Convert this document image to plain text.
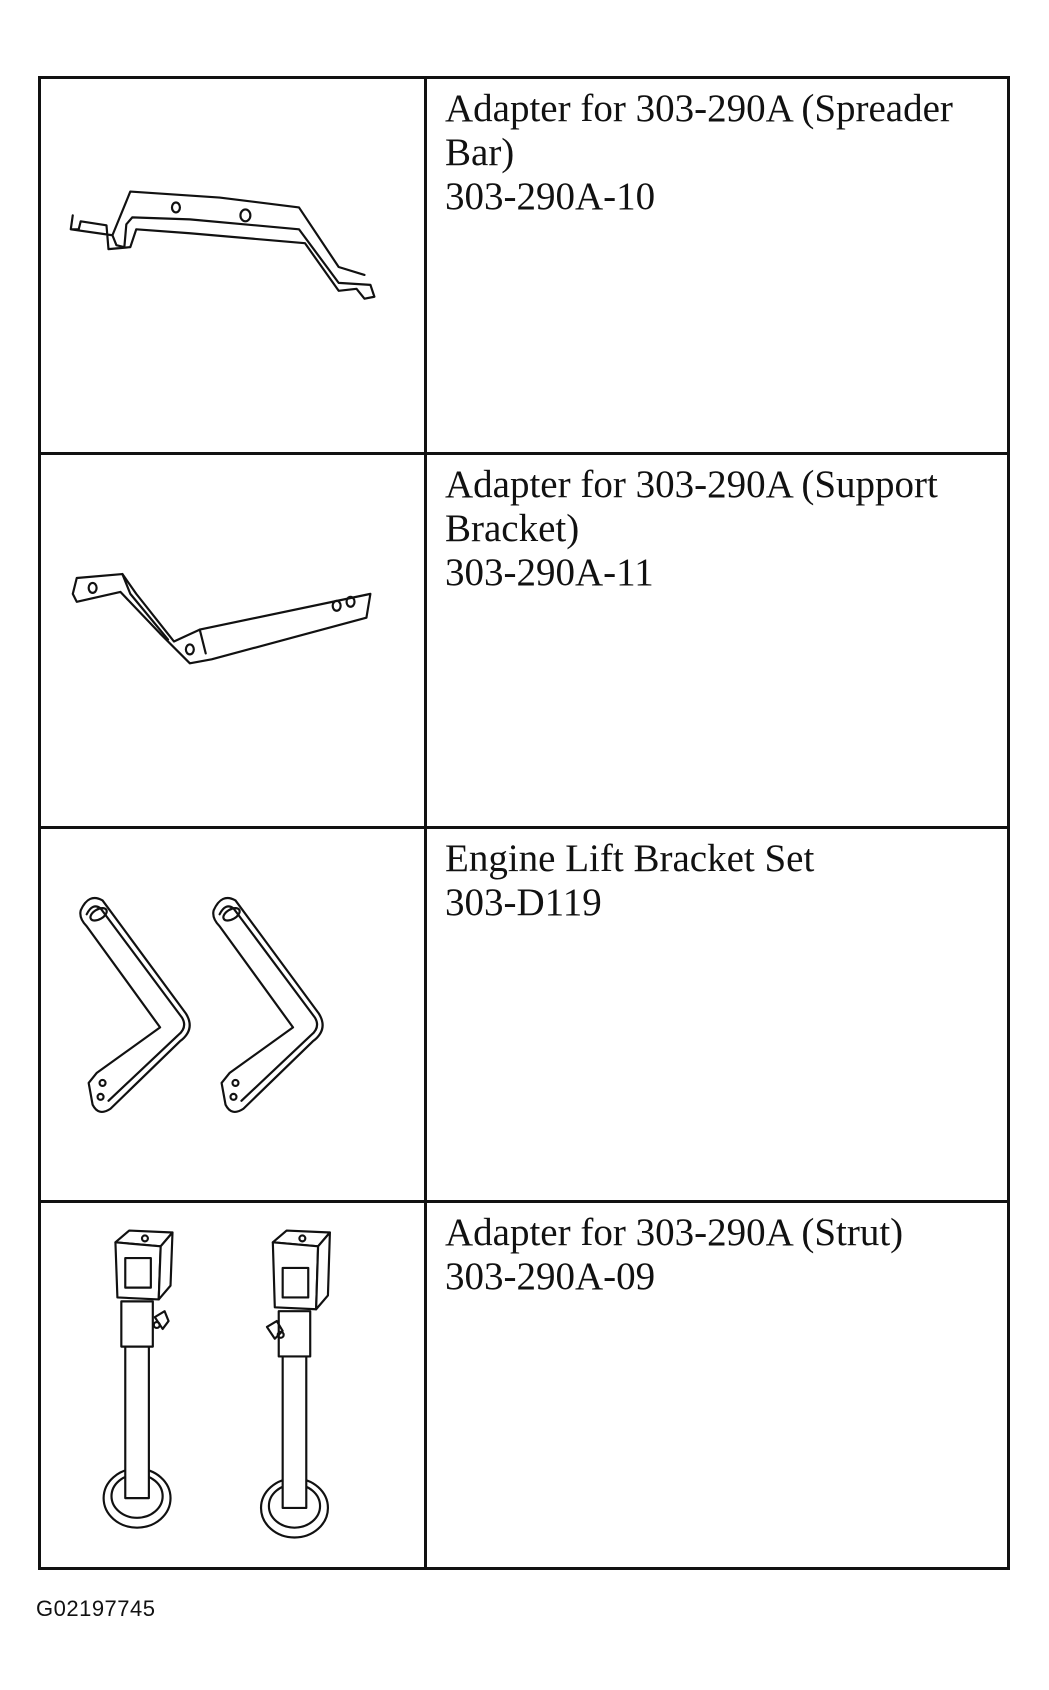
Adapter for 303-290A (Spreader Bar)
303-290A-10
Adapter for 303-290A (Support Bracket)
303-290A-11
Engine Lift Bracket Set
303-D119
Adapter for 303-290A (Strut)
303-290A-09
G02197745
